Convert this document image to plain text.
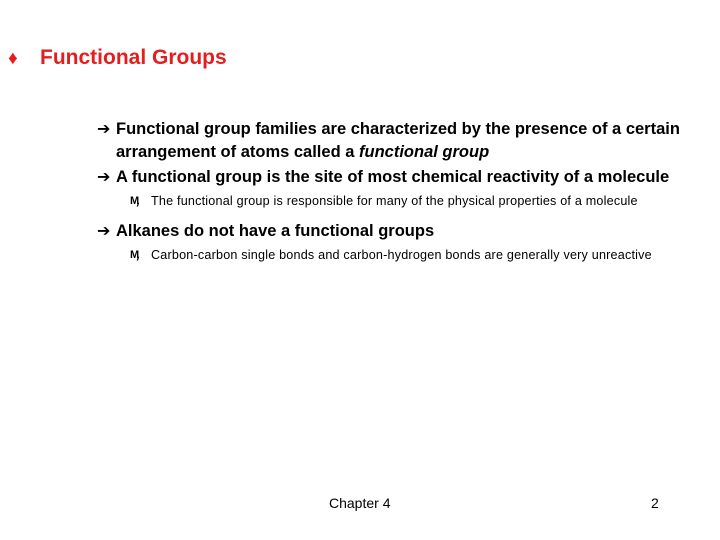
♦ Functional Groups
➔ Functional group families are characterized by the presence of a certain arrangement of atoms called a functional group
➔ A functional group is the site of most chemical reactivity of a molecule
Ӎ The functional group is responsible for many of the physical properties of a molecule
➔ Alkanes do not have a functional groups
Ӎ Carbon-carbon single bonds and carbon-hydrogen bonds are generally very unreactive
Chapter 4	2
